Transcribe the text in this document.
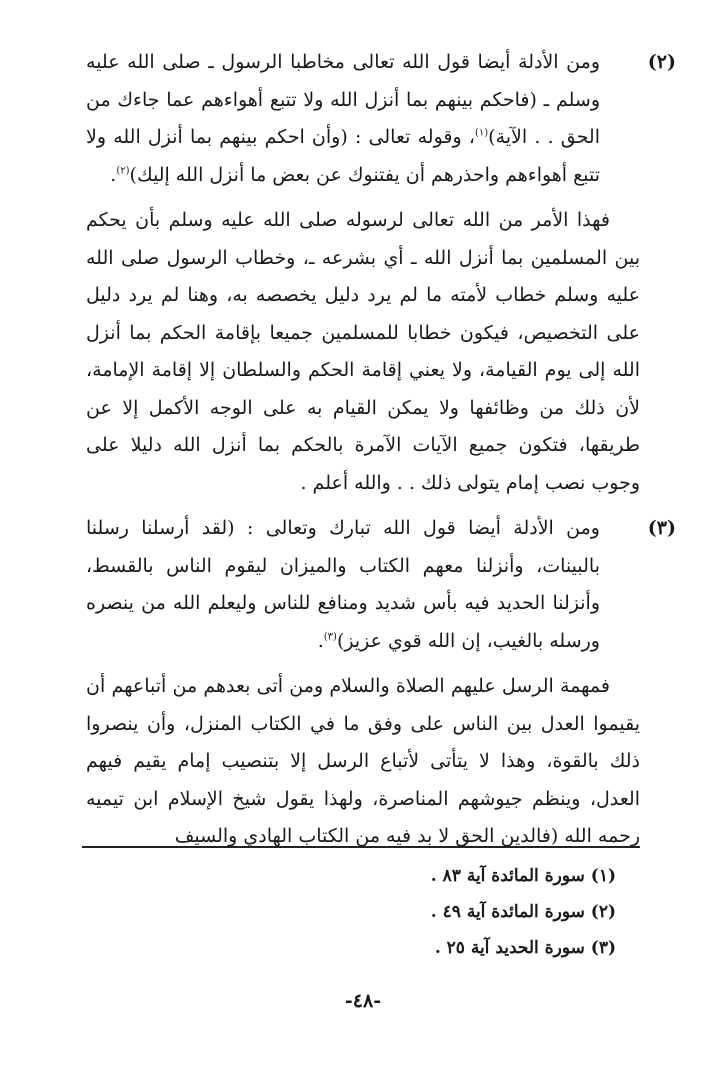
(٢)
ومن الأدلة أيضا قول الله تعالى مخاطبا الرسول ـ صلى الله عليه وسلم ـ (فاحكم بينهم بما أنزل الله ولا تتبع أهواءهم عما جاءك من الحق . . الآية)$^{(١)}$، وقوله تعالى : (وأن احكم بينهم بما أنزل الله ولا تتبع أهواءهم واحذرهم أن يفتنوك عن بعض ما أنزل الله إليك)$^{(٢)}$.

فهذا الأمر من الله تعالى لرسوله صلى الله عليه وسلم بأن يحكم بين المسلمين بما أنزل الله ـ أي بشرعه ـ، وخطاب الرسول صلى الله عليه وسلم خطاب لأمته ما لم يرد دليل يخصصه به، وهنا لم يرد دليل على التخصيص، فيكون خطابا للمسلمين جميعا بإقامة الحكم بما أنزل الله إلى يوم القيامة، ولا يعني إقامة الحكم والسلطان إلا إقامة الإمامة، لأن ذلك من وظائفها ولا يمكن القيام به على الوجه الأكمل إلا عن طريقها، فتكون جميع الآيات الآمرة بالحكم بما أنزل الله دليلا على وجوب نصب إمام يتولى ذلك . . والله أعلم .

(٣)
ومن الأدلة أيضا قول الله تبارك وتعالى : (لقد أرسلنا رسلنا بالبينات، وأنزلنا معهم الكتاب والميزان ليقوم الناس بالقسط، وأنزلنا الحديد فيه بأس شديد ومنافع للناس وليعلم الله من ينصره ورسله بالغيب، إن الله قوي عزيز)$^{(٣)}$.

فمهمة الرسل عليهم الصلاة والسلام ومن أتى بعدهم من أتباعهم أن يقيموا العدل بين الناس على وفق ما في الكتاب المنزل، وأن ينصروا ذلك بالقوة، وهذا لا يتأتى لأتباع الرسل إلا بتنصيب إمام يقيم فيهم العدل، وينظم جيوشهم المناصرة، ولهذا يقول شيخ الإسلام ابن تيميه رحمه الله (فالدين الحق لا بد فيه من الكتاب الهادي والسيف

(١) سورة المائدة آية ٨٣ .

(٢) سورة المائدة آية ٤٩ .

(٣) سورة الحديد آية ٢٥ .

-٤٨-
